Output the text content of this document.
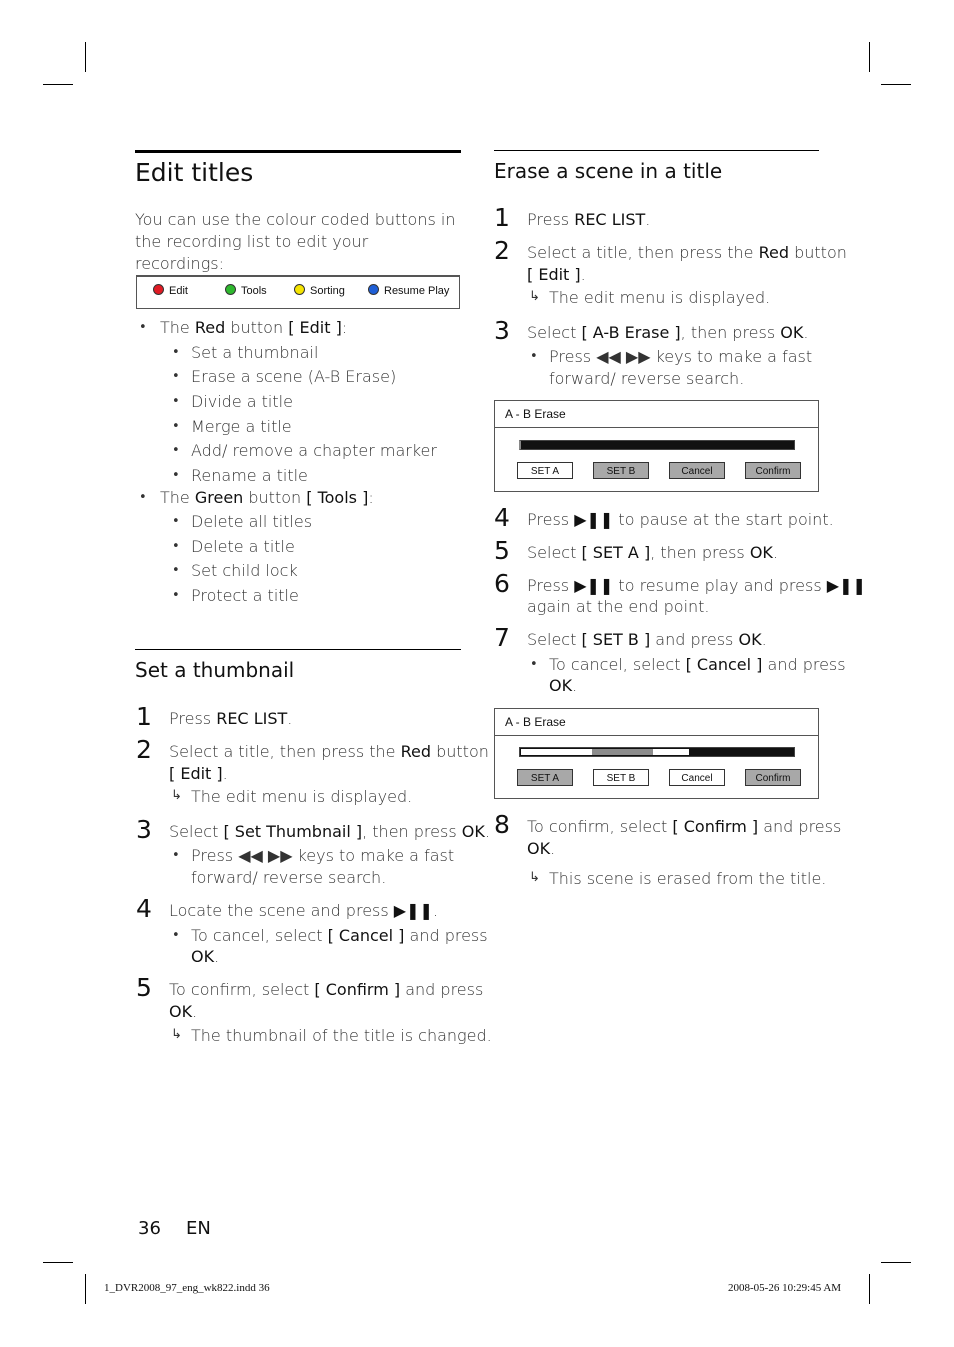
Edit titles
You can use the colour coded buttons in the recording list to edit your recordings:
Edit	Tools	Sorting	Resume Play
• The Red button [ Edit ]:
• Set a thumbnail
• Erase a scene (A-B Erase)
• Divide a title
• Merge a title
• Add/ remove a chapter marker
• Rename a title
• The Green button [ Tools ]:
• Delete all titles
• Delete a title
• Set child lock
• Protect a title
Set a thumbnail
1 Press REC LIST.
2 Select a title, then press the Red button
[ Edit ].
↳ The edit menu is displayed.
3 Select [ Set Thumbnail ], then press OK.
• Press ◀◀ ▶▶ keys to make a fast
forward/ reverse search.
4 Locate the scene and press ▶❚❚.
• To cancel, select [ Cancel ] and press
OK.
5 To confirm, select [ Confirm ] and press
OK.
↳ The thumbnail of the title is changed.
Erase a scene in a title
1 Press REC LIST.
2 Select a title, then press the Red button
[ Edit ].
↳ The edit menu is displayed.
3 Select [ A-B Erase ], then press OK.
• Press ◀◀ ▶▶ keys to make a fast
forward/ reverse search.
A - B Erase
SET A	SET B	Cancel	Confirm
4 Press ▶❚❚ to pause at the start point.
5 Select [ SET A ], then press OK.
6 Press ▶❚❚ to resume play and press ▶❚❚
again at the end point.
7 Select [ SET B ] and press OK.
• To cancel, select [ Cancel ] and press
OK.
A - B Erase
SET A	SET B	Cancel	Confirm
8 To confirm, select [ Confirm ] and press
OK.
↳ This scene is erased from the title.
36 EN
1_DVR2008_97_eng_wk822.indd 36	2008-05-26 10:29:45 AM
